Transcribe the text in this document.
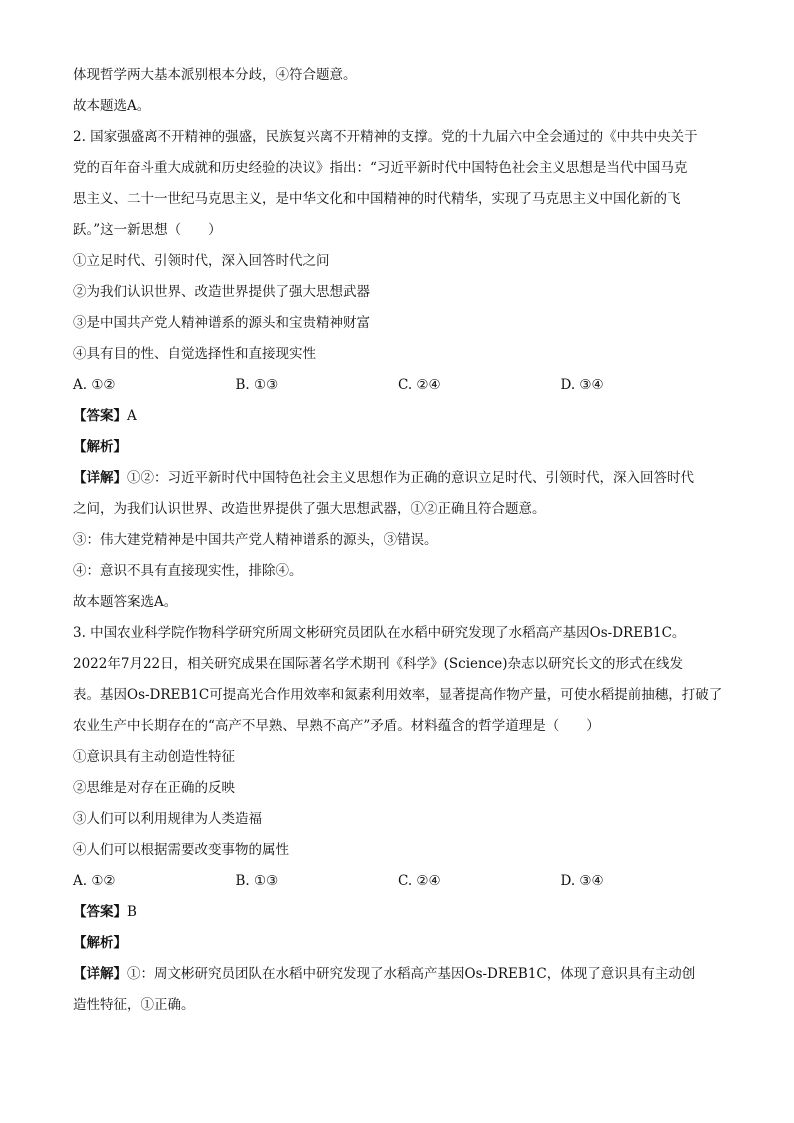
体现哲学两大基本派别根本分歧，④符合题意。
故本题选A。
2. 国家强盛离不开精神的强盛，民族复兴离不开精神的支撑。党的十九届六中全会通过的《中共中央关于
党的百年奋斗重大成就和历史经验的决议》指出：“习近平新时代中国特色社会主义思想是当代中国马克
思主义、二十一世纪马克思主义，是中华文化和中国精神的时代精华，实现了马克思主义中国化新的飞
跃。”这一新思想（　　）
①立足时代、引领时代，深入回答时代之问
②为我们认识世界、改造世界提供了强大思想武器
③是中国共产党人精神谱系的源头和宝贵精神财富
④具有目的性、自觉选择性和直接现实性
A. ①②	B. ①③	C. ②④	D. ③④
【答案】A
【解析】
【详解】①②：习近平新时代中国特色社会主义思想作为正确的意识立足时代、引领时代，深入回答时代
之问，为我们认识世界、改造世界提供了强大思想武器，①②正确且符合题意。
③：伟大建党精神是中国共产党人精神谱系的源头，③错误。
④：意识不具有直接现实性，排除④。
故本题答案选A。
3. 中国农业科学院作物科学研究所周文彬研究员团队在水稻中研究发现了水稻高产基因Os-DREB1C。
2022年7月22日，相关研究成果在国际著名学术期刊《科学》(Science)杂志以研究长文的形式在线发
表。基因Os-DREB1C可提高光合作用效率和氮素利用效率，显著提高作物产量，可使水稻提前抽穗，打破了
农业生产中长期存在的“高产不早熟、早熟不高产”矛盾。材料蕴含的哲学道理是（　　）
①意识具有主动创造性特征
②思维是对存在正确的反映
③人们可以利用规律为人类造福
④人们可以根据需要改变事物的属性
A. ①②	B. ①③	C. ②④	D. ③④
【答案】B
【解析】
【详解】①：周文彬研究员团队在水稻中研究发现了水稻高产基因Os-DREB1C，体现了意识具有主动创
造性特征，①正确。
